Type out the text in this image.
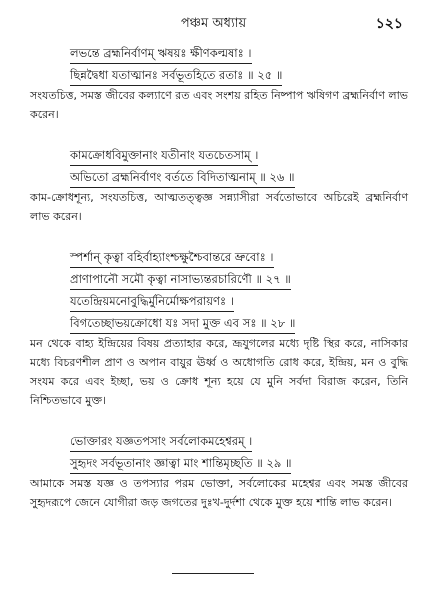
পঞ্চম অধ্যায়	১২১
লভন্তে ব্রহ্মনির্বাণম্‌ ঋষয়ঃ ক্ষীণকল্মষাঃ ।
ছিন্নদ্বৈধা যতাত্মানঃ সর্বভূতহিতে রতাঃ ॥ ২৫ ॥
সংযতচিত্ত, সমস্ত জীবের কল্যাণে রত এবং সংশয় রহিত নিষ্পাপ ঋষিগণ ব্রহ্মনির্বাণ লাভ করেন।
কামক্রোধবিমুক্তানাং যতীনাং যতচেতসাম্‌ ।
অভিতো ব্রহ্মনির্বাণং বর্ততে বিদিতাত্মনাম্‌ ॥ ২৬ ॥
কাম-ক্রোধশূন্য, সংযতচিত্ত, আত্মতত্ত্বজ্ঞ সন্ন্যাসীরা সর্বতোভাবে অচিরেই ব্রহ্মনির্বাণ লাভ করেন।
স্পর্শান্‌ কৃত্বা বহির্বাহ্যাংশ্চক্ষুশ্চৈবান্তরে ভ্রুবোঃ ।
প্রাণাপানৌ সমৌ কৃত্বা নাসাভ্যন্তরচারিণৌ ॥ ২৭ ॥
যতেন্দ্রিয়মনোবুদ্ধির্মুনির্মোক্ষপরায়ণঃ ।
বিগতেচ্ছাভয়ক্রোধো যঃ সদা মুক্ত এব সঃ ॥ ২৮ ॥
মন থেকে বাহ্য ইন্দ্রিয়ের বিষয় প্রত্যাহার করে, ভ্রূযুগলের মধ্যে দৃষ্টি স্থির করে, নাসিকার মধ্যে বিচরণশীল প্রাণ ও অপান বায়ুর ঊর্ধ্ব ও অধোগতি রোধ করে, ইন্দ্রিয়, মন ও বুদ্ধি সংযম করে এবং ইচ্ছা, ভয় ও ক্রোধ শূন্য হয়ে যে মুনি সর্বদা বিরাজ করেন, তিনি নিশ্চিতভাবে মুক্ত।
ভোক্তারং যজ্ঞতপসাং সর্বলোকমহেশ্বরম্‌ ।
সুহৃদং সর্বভূতানাং জ্ঞাত্বা মাং শান্তিমৃচ্ছতি ॥ ২৯ ॥
আমাকে সমস্ত যজ্ঞ ও তপস্যার পরম ভোক্তা, সর্বলোকের মহেশ্বর এবং সমস্ত জীবের সুহৃদরূপে জেনে যোগীরা জড় জগতের দুঃখ-দুর্দশা থেকে মুক্ত হয়ে শান্তি লাভ করেন।
